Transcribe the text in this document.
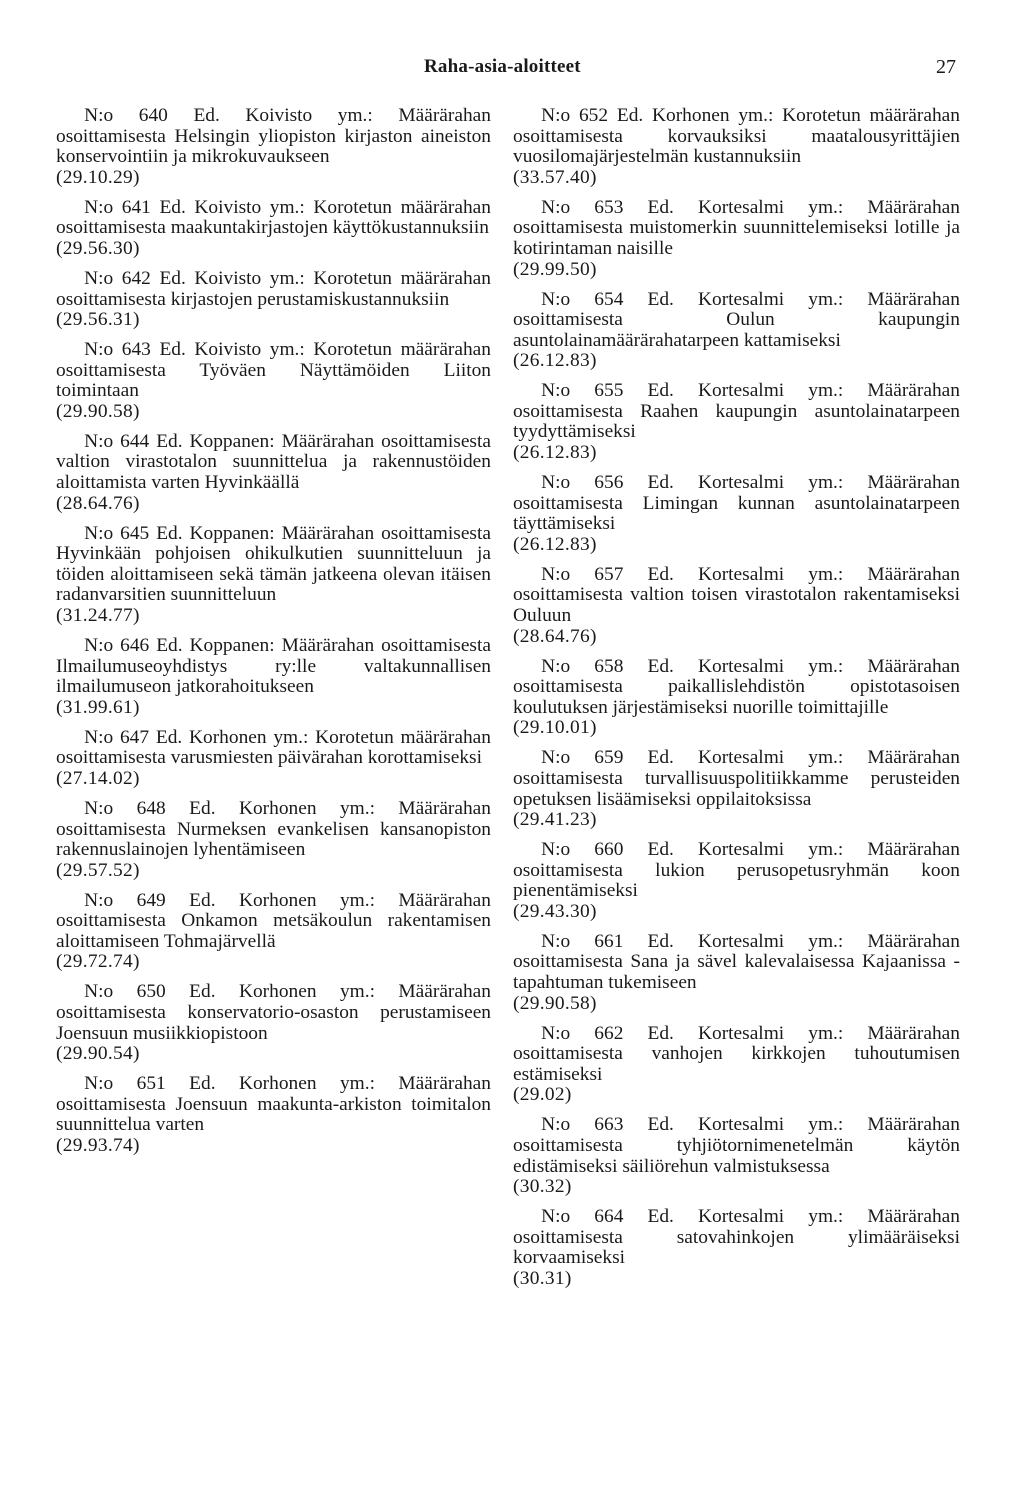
Raha-asia-aloitteet	27

N:o 640 Ed. Koivisto ym.: Määrärahan osoittamisesta Helsingin yliopiston kirjaston aineiston konservointiin ja mikrokuvaukseen

(29.10.29)

N:o 641 Ed. Koivisto ym.: Korotetun määrärahan osoittamisesta maakuntakirjastojen käyttökustannuksiin

(29.56.30)

N:o 642 Ed. Koivisto ym.: Korotetun määrärahan osoittamisesta kirjastojen perustamiskustannuksiin

(29.56.31)

N:o 643 Ed. Koivisto ym.: Korotetun määrärahan osoittamisesta Työväen Näyttämöiden Liiton toimintaan

(29.90.58)

N:o 644 Ed. Koppanen: Määrärahan osoittamisesta valtion virastotalon suunnittelua ja rakennustöiden aloittamista varten Hyvinkäällä

(28.64.76)

N:o 645 Ed. Koppanen: Määrärahan osoittamisesta Hyvinkään pohjoisen ohikulkutien suunnitteluun ja töiden aloittamiseen sekä tämän jatkeena olevan itäisen radanvarsitien suunnitteluun

(31.24.77)

N:o 646 Ed. Koppanen: Määrärahan osoittamisesta Ilmailumuseoyhdistys ry:lle valtakunnallisen ilmailumuseon jatkorahoitukseen

(31.99.61)

N:o 647 Ed. Korhonen ym.: Korotetun määrärahan osoittamisesta varusmiesten päivärahan korottamiseksi

(27.14.02)

N:o 648 Ed. Korhonen ym.: Määrärahan osoittamisesta Nurmeksen evankelisen kansanopiston rakennuslainojen lyhentämiseen

(29.57.52)

N:o 649 Ed. Korhonen ym.: Määrärahan osoittamisesta Onkamon metsäkoulun rakentamisen aloittamiseen Tohmajärvellä

(29.72.74)

N:o 650 Ed. Korhonen ym.: Määrärahan osoittamisesta konservatorio-osaston perustamiseen Joensuun musiikkiopistoon

(29.90.54)

N:o 651 Ed. Korhonen ym.: Määrärahan osoittamisesta Joensuun maakunta-arkiston toimitalon suunnittelua varten

(29.93.74)

N:o 652 Ed. Korhonen ym.: Korotetun määrärahan osoittamisesta korvauksiksi maatalousyrittäjien vuosilomajärjestelmän kustannuksiin

(33.57.40)

N:o 653 Ed. Kortesalmi ym.: Määrärahan osoittamisesta muistomerkin suunnittelemiseksi lotille ja kotirintaman naisille

(29.99.50)

N:o 654 Ed. Kortesalmi ym.: Määrärahan osoittamisesta Oulun kaupungin asuntolainamäärärahatarpeen kattamiseksi

(26.12.83)

N:o 655 Ed. Kortesalmi ym.: Määrärahan osoittamisesta Raahen kaupungin asuntolainatarpeen tyydyttämiseksi

(26.12.83)

N:o 656 Ed. Kortesalmi ym.: Määrärahan osoittamisesta Limingan kunnan asuntolainatarpeen täyttämiseksi

(26.12.83)

N:o 657 Ed. Kortesalmi ym.: Määrärahan osoittamisesta valtion toisen virastotalon rakentamiseksi Ouluun

(28.64.76)

N:o 658 Ed. Kortesalmi ym.: Määrärahan osoittamisesta paikallislehdistön opistotasoisen koulutuksen järjestämiseksi nuorille toimittajille

(29.10.01)

N:o 659 Ed. Kortesalmi ym.: Määrärahan osoittamisesta turvallisuuspolitiikkamme perusteiden opetuksen lisäämiseksi oppilaitoksissa

(29.41.23)

N:o 660 Ed. Kortesalmi ym.: Määrärahan osoittamisesta lukion perusopetusryhmän koon pienentämiseksi

(29.43.30)

N:o 661 Ed. Kortesalmi ym.: Määrärahan osoittamisesta Sana ja sävel kalevalaisessa Kajaanissa -tapahtuman tukemiseen

(29.90.58)

N:o 662 Ed. Kortesalmi ym.: Määrärahan osoittamisesta vanhojen kirkkojen tuhoutumisen estämiseksi

(29.02)

N:o 663 Ed. Kortesalmi ym.: Määrärahan osoittamisesta tyhjiötornimenetelmän käytön edistämiseksi säiliörehun valmistuksessa

(30.32)

N:o 664 Ed. Kortesalmi ym.: Määrärahan osoittamisesta satovahinkojen ylimääräiseksi korvaamiseksi

(30.31)
